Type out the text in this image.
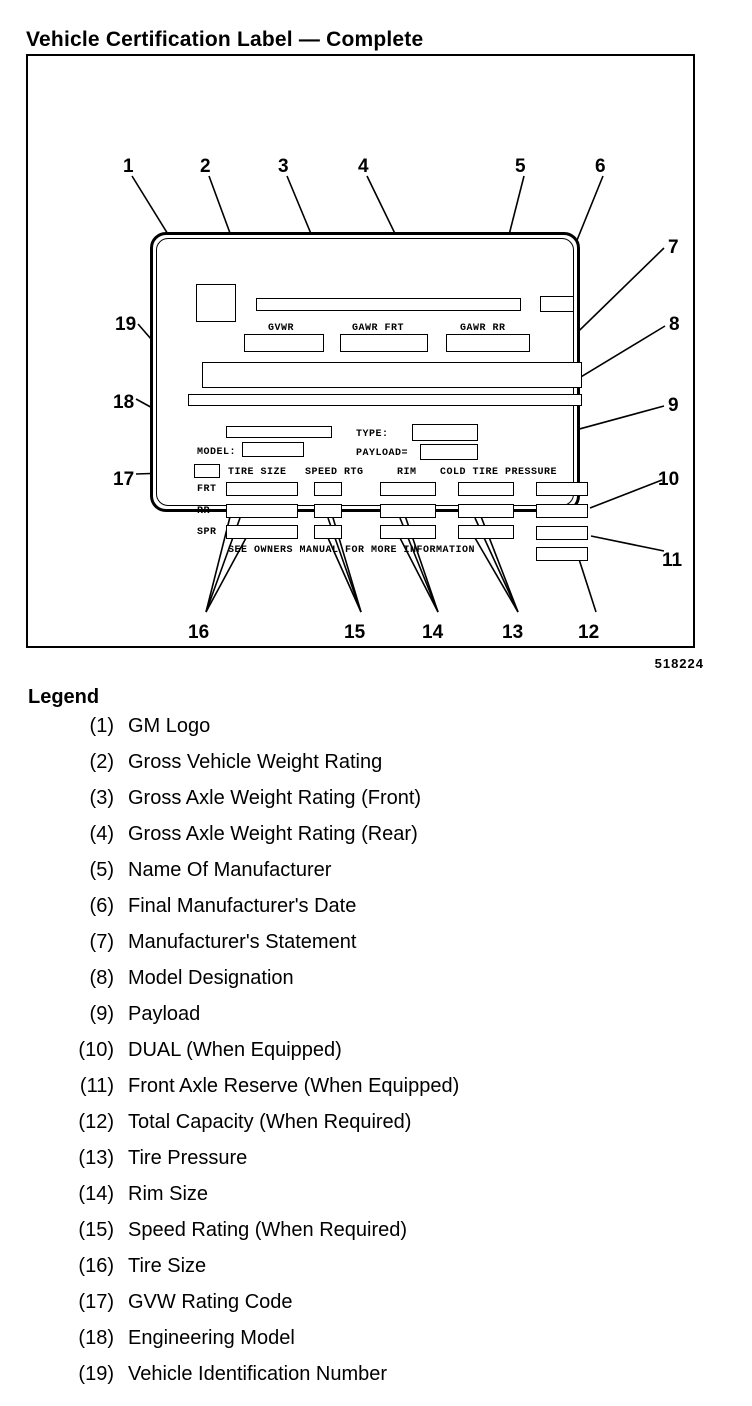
Vehicle Certification Label — Complete
GVWR	GAWR FRT	GAWR RR
TYPE:
MODEL:	PAYLOAD=
TIRE SIZE SPEED RTG	RIM COLD TIRE PRESSURE
FRT
RR
SPR
SEE OWNERS MANUAL FOR MORE INFORMATION
1	2	3	4	5	6
7
8
9
10
11
12
13
14
15
16
17
18
19
518224
Legend
(1) GM Logo
(2) Gross Vehicle Weight Rating
(3) Gross Axle Weight Rating (Front)
(4) Gross Axle Weight Rating (Rear)
(5) Name Of Manufacturer
(6) Final Manufacturer's Date
(7) Manufacturer's Statement
(8) Model Designation
(9) Payload
(10) DUAL (When Equipped)
(11) Front Axle Reserve (When Equipped)
(12) Total Capacity (When Required)
(13) Tire Pressure
(14) Rim Size
(15) Speed Rating (When Required)
(16) Tire Size
(17) GVW Rating Code
(18) Engineering Model
(19) Vehicle Identification Number
